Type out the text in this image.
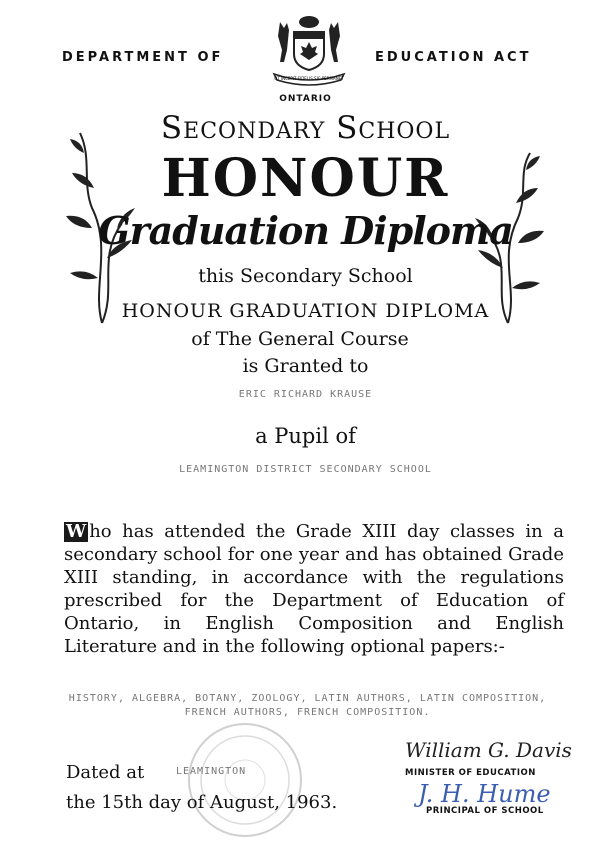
DEPARTMENT OF	EDUCATION ACT
UT INCEPIT FIDELIS SIC PERMANET
ONTARIO
Secondary School
HONOUR
Graduation Diploma
this Secondary School
HONOUR GRADUATION DIPLOMA
of The General Course
is Granted to
ERIC RICHARD KRAUSE
a Pupil of
LEAMINGTON DISTRICT SECONDARY SCHOOL
W ho has attended the Grade XIII day classes in a secondary school for one year and has obtained Grade XIII standing, in accordance with the regulations prescribed for the Department of Education of Ontario, in English Composition and English Literature and in the following optional papers:-
HISTORY, ALGEBRA, BOTANY, ZOOLOGY, LATIN AUTHORS, LATIN COMPOSITION,
FRENCH AUTHORS, FRENCH COMPOSITION.
Dated at	LEAMINGTON
the 15th day of August, 1963.
William G. Davis
MINISTER OF EDUCATION
J. H. Hume
PRINCIPAL OF SCHOOL
